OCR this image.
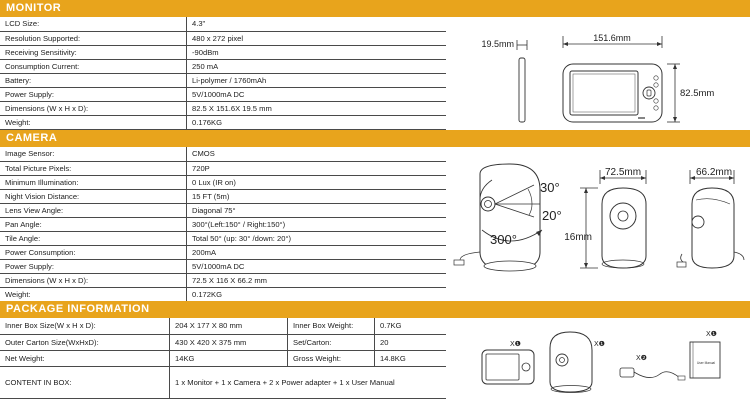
MONITOR
LCD Size:	4.3"
Resolution Supported:	480 x 272 pixel
Receiving Sensitivity:	-90dBm
Consumption Current:	250 mA
Battery:	Li-polymer / 1760mAh
Power Supply:	5V/1000mA DC
Dimensions (W x H x D):	82.5 X 151.6X 19.5 mm
Weight:	0.176KG
19.5mm
151.6mm
82.5mm
CAMERA
Image Sensor:	CMOS
Total Picture Pixels:	720P
Minimum Illumination:	0 Lux (IR on)
Night Vision Distance:	15 FT (5m)
Lens View Angle:	Diagonal 75°
Pan Angle:	300°(Left:150° / Right:150°)
Tile Angle:	Total 50° (up: 30° /down: 20°)
Power Consumption:	200mA
Power Supply:	5V/1000mA DC
Dimensions (W x H x D):	72.5 X 116 X 66.2 mm
Weight:	0.172KG
30°
20°
300°
72.5mm
16mm
66.2mm
PACKAGE INFORMATION
Inner Box Size(W x H x D):	204 X 177 X 80 mm	Inner Box Weight:	0.7KG
Outer Carton Size(WxHxD):	430 X 420 X 375 mm	Set/Carton:	20
Net Weight:	14KG	Gross Weight:	14.8KG
CONTENT IN BOX:	1 x Monitor + 1 x Camera + 2 x Power adapter + 1 x User Manual		
X❶	X❶
X❷
User Manual
X❶
